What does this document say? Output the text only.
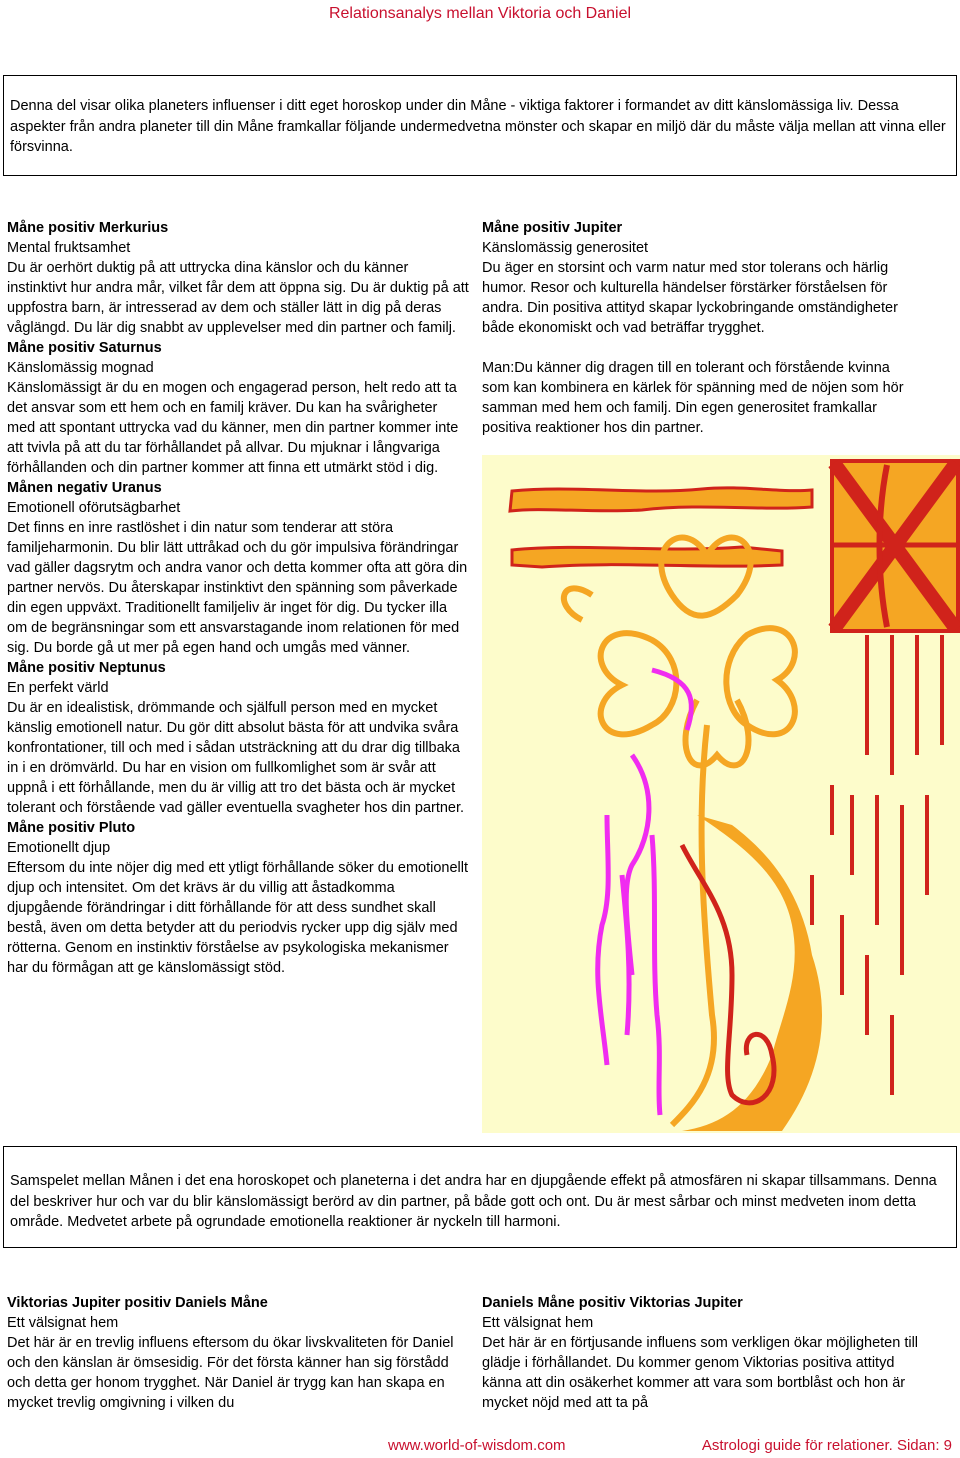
Relationsanalys mellan Viktoria och Daniel

Denna del visar olika planeters influenser i ditt eget horoskop under din Måne - viktiga faktorer i formandet av ditt känslomässiga liv. Dessa aspekter från andra planeter till din Måne framkallar följande undermedvetna mönster och skapar en miljö där du måste välja mellan att vinna eller försvinna.

Måne positiv Merkurius

Mental fruktsamhet

Du är oerhört duktig på att uttrycka dina känslor och du känner instinktivt hur andra mår, vilket får dem att öppna sig. Du är duktig på att uppfostra barn, är intresserad av dem och ställer lätt in dig på deras våglängd. Du lär dig snabbt av upplevelser med din partner och familj.

Måne positiv Saturnus

Känslomässig mognad

Känslomässigt är du en mogen och engagerad person, helt redo att ta det ansvar som ett hem och en familj kräver. Du kan ha svårigheter med att spontant uttrycka vad du känner, men din partner kommer inte att tvivla på att du tar förhållandet på allvar. Du mjuknar i långvariga förhållanden och din partner kommer att finna ett utmärkt stöd i dig.

Månen negativ Uranus

Emotionell oförutsägbarhet

Det finns en inre rastlöshet i din natur som tenderar att störa familjeharmonin. Du blir lätt uttråkad och du gör impulsiva förändringar vad gäller dagsrytm och andra vanor och detta kommer ofta att göra din partner nervös. Du återskapar instinktivt den spänning som påverkade din egen uppväxt. Traditionellt familjeliv är inget för dig. Du tycker illa om de begränsningar som ett ansvarstagande inom relationen för med sig. Du borde gå ut mer på egen hand och umgås med vänner.

Måne positiv Neptunus

En perfekt värld

Du är en idealistisk, drömmande och själfull person med en mycket känslig emotionell natur. Du gör ditt absolut bästa för att undvika svåra konfrontationer, till och med i sådan utsträckning att du drar dig tillbaka in i en drömvärld. Du har en vision om fullkomlighet som är svår att uppnå i ett förhållande, men du är villig att tro det bästa och är mycket tolerant och förstående vad gäller eventuella svagheter hos din partner.

Måne positiv Pluto

Emotionellt djup

Eftersom du inte nöjer dig med ett ytligt förhållande söker du emotionellt djup och intensitet. Om det krävs är du villig att åstadkomma djupgående förändringar i ditt förhållande för att dess sundhet skall bestå, även om detta betyder att du periodvis rycker upp dig själv med rötterna. Genom en instinktiv förståelse av psykologiska mekanismer har du förmågan att ge känslomässigt stöd.

Måne positiv Jupiter

Känslomässig generositet

Du äger en storsint och varm natur med stor tolerans och härlig humor. Resor och kulturella händelser förstärker förståelsen för andra. Din positiva attityd skapar lyckobringande omständigheter både ekonomiskt och vad beträffar trygghet.

Man:Du känner dig dragen till en tolerant och förstående kvinna som kan kombinera en kärlek för spänning med de nöjen som hör samman med hem och familj. Din egen generositet framkallar positiva reaktioner hos din partner.

Samspelet mellan Månen i det ena horoskopet och planeterna i det andra har en djupgående effekt på atmosfären ni skapar tillsammans. Denna del beskriver hur och var du blir känslomässigt berörd av din partner, på både gott och ont. Du är mest sårbar och minst medveten inom detta område. Medvetet arbete på ogrundade emotionella reaktioner är nyckeln till harmoni.

Viktorias Jupiter positiv Daniels Måne

Ett välsignat hem

Det här är en trevlig influens eftersom du ökar livskvaliteten för Daniel och den känslan är ömsesidig. För det första känner han sig förstådd och detta ger honom trygghet. När Daniel är trygg kan han skapa en mycket trevlig omgivning i vilken du

Daniels Måne positiv Viktorias Jupiter

Ett välsignat hem

Det här är en förtjusande influens som verkligen ökar möjligheten till glädje i förhållandet. Du kommer genom Viktorias positiva attityd känna att din osäkerhet kommer att vara som bortblåst och hon är mycket nöjd med att ta på

www.world-of-wisdom.com	Astrologi guide för relationer. Sidan: 9
